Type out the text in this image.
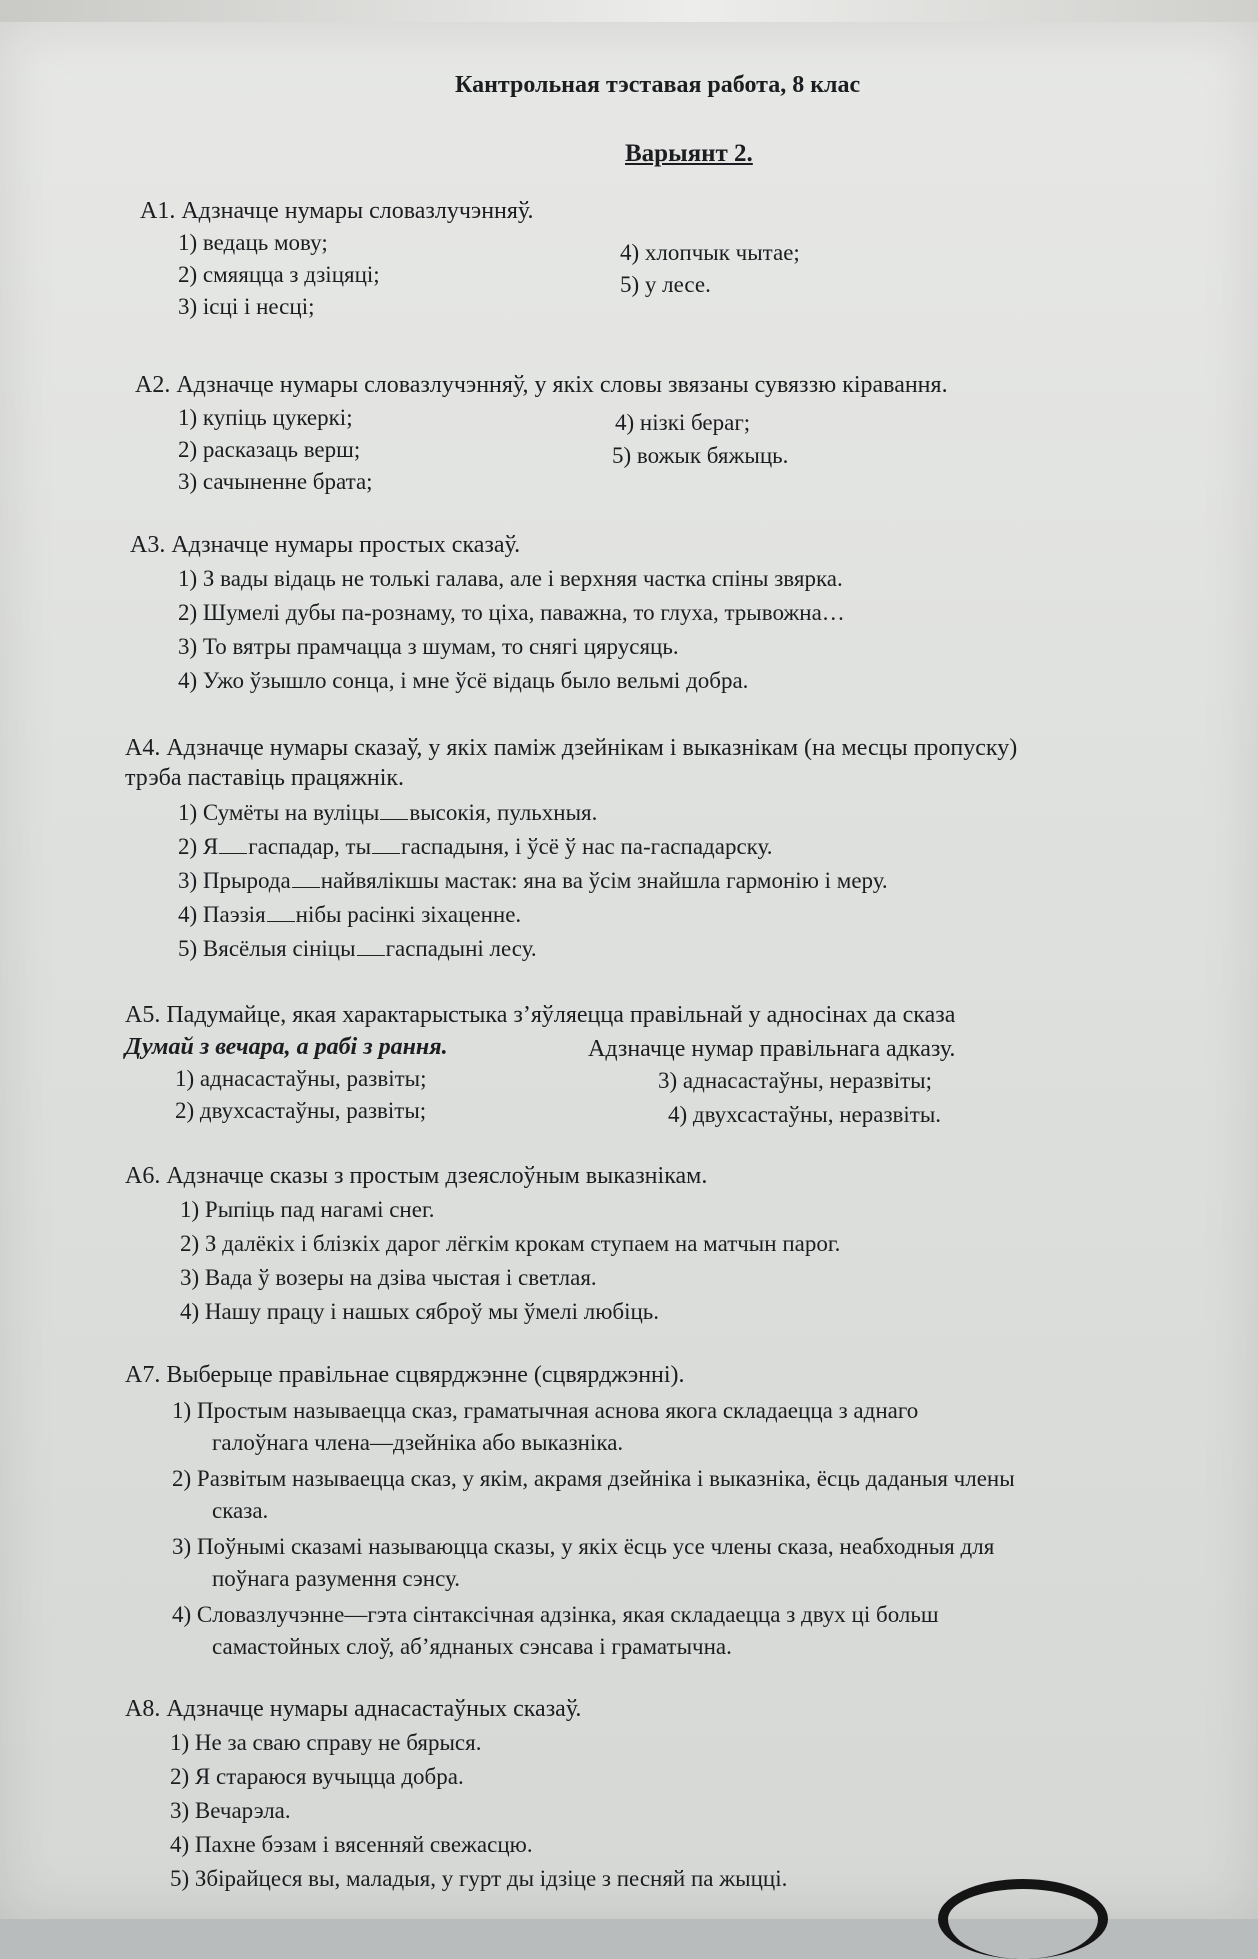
Кантрольная тэставая работа, 8 клас
Варыянт 2.
А1. Адзначце нумары словазлучэнняў.
1) ведаць мову;
2) смяяцца з дзіцяці;
3) ісці і несці;
4) хлопчык чытае;
5) у лесе.
А2. Адзначце нумары словазлучэнняў, у якіх словы звязаны сувяззю кіравання.
1) купіць цукеркі;
2) расказаць верш;
3) сачыненне брата;
4) нізкі бераг;
5) вожык бяжыць.
А3. Адзначце нумары простых сказаў.
1) З вады відаць не толькі галава, але і верхняя частка спіны звярка.
2) Шумелі дубы па-рознаму, то ціха, паважна, то глуха, трывожна…
3) То вятры прамчацца з шумам, то снягі цярусяць.
4) Ужо ўзышло сонца, і мне ўсё відаць было вельмі добра.
А4. Адзначце нумары сказаў, у якіх паміж дзейнікам і выказнікам (на месцы пропуску)
трэба паставіць працяжнік.
1) Сумёты на вуліцы высокія, пульхныя.
2) Я гаспадар, ты гаспадыня, і ўсё ў нас па-гаспадарску.
3) Прырода найвялікшы мастак: яна ва ўсім знайшла гармонію і меру.
4) Паэзія нібы расінкі зіхаценне.
5) Вясёлыя сініцы гаспадыні лесу.
А5. Падумайце, якая характарыстыка з’яўляецца правільнай у адносінах да сказа
Думай з вечара, а рабі з рання.	Адзначце нумар правільнага адказу.
1) аднасастаўны, развіты;
2) двухсастаўны, развіты;
3) аднасастаўны, неразвіты;
4) двухсастаўны, неразвіты.
А6. Адзначце сказы з простым дзеяслоўным выказнікам.
1) Рыпіць пад нагамі снег.
2) З далёкіх і блізкіх дарог лёгкім крокам ступаем на матчын парог.
3) Вада ў возеры на дзіва чыстая і светлая.
4) Нашу працу і нашых сяброў мы ўмелі любіць.
А7. Выберыце правільнае сцвярджэнне (сцвярджэнні).
1) Простым называецца сказ, граматычная аснова якога складаецца з аднаго
галоўнага члена—дзейніка або выказніка.
2) Развітым называецца сказ, у якім, акрамя дзейніка і выказніка, ёсць даданыя члены
сказа.
3) Поўнымі сказамі называюцца сказы, у якіх ёсць усе члены сказа, неабходныя для
поўнага разумення сэнсу.
4) Словазлучэнне—гэта сінтаксічная адзінка, якая складаецца з двух ці больш
самастойных слоў, аб’яднаных сэнсава і граматычна.
А8. Адзначце нумары аднасастаўных сказаў.
1) Не за сваю справу не бярыся.
2) Я стараюся вучыцца добра.
3) Вечарэла.
4) Пахне бэзам і вясенняй свежасцю.
5) Збірайцеся вы, маладыя, у гурт ды ідзіце з песняй па жыцці.
